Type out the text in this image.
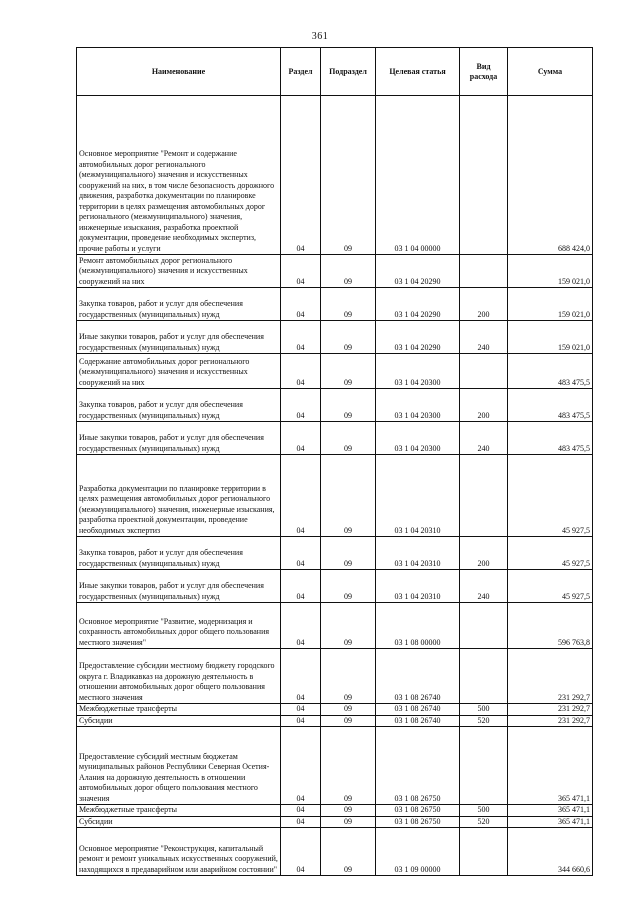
361
Наименование	Раздел	Подраздел	Целевая статья	Вид расхода	Сумма
Основное мероприятие "Ремонт и содержание автомобильных дорог регионального (межмуниципального) значения и искусственных сооружений на них, в том числе безопасность дорожного движения, разработка документации по планировке территории в целях размещения автомобильных дорог регионального (межмуниципального) значения, инженерные изыскания, разработка проектной документации, проведение необходимых экспертиз, прочие работы и услуги	04	09	03 1 04 00000		688 424,0
Ремонт автомобильных дорог регионального (межмуниципального) значения и искусственных сооружений на них	04	09	03 1 04 20290		159 021,0
Закупка товаров, работ и услуг для обеспечения государственных (муниципальных) нужд	04	09	03 1 04 20290	200	159 021,0
Иные закупки товаров, работ и услуг для обеспечения государственных (муниципальных) нужд	04	09	03 1 04 20290	240	159 021,0
Содержание автомобильных дорог регионального (межмуниципального) значения и искусственных сооружений на них	04	09	03 1 04 20300		483 475,5
Закупка товаров, работ и услуг для обеспечения государственных (муниципальных) нужд	04	09	03 1 04 20300	200	483 475,5
Иные закупки товаров, работ и услуг для обеспечения государственных (муниципальных) нужд	04	09	03 1 04 20300	240	483 475,5
Разработка документации по планировке территории в целях размещения автомобильных дорог регионального (межмуниципального) значения, инженерные изыскания, разработка проектной документации, проведение необходимых экспертиз	04	09	03 1 04 20310		45 927,5
Закупка товаров, работ и услуг для обеспечения государственных (муниципальных) нужд	04	09	03 1 04 20310	200	45 927,5
Иные закупки товаров, работ и услуг для обеспечения государственных (муниципальных) нужд	04	09	03 1 04 20310	240	45 927,5
Основное мероприятие "Развитие, модернизация и сохранность автомобильных дорог общего пользования местного значения"	04	09	03 1 08 00000		596 763,8
Предоставление субсидии местному бюджету городского округа г. Владикавказ на дорожную деятельность в отношении автомобильных дорог общего пользования местного значения	04	09	03 1 08 26740		231 292,7
Межбюджетные трансферты	04	09	03 1 08 26740	500	231 292,7
Субсидии	04	09	03 1 08 26740	520	231 292,7
Предоставление субсидий местным бюджетам муниципальных районов Республики Северная Осетия-Алания на дорожную деятельность в отношении автомобильных дорог общего пользования местного значения	04	09	03 1 08 26750		365 471,1
Межбюджетные трансферты	04	09	03 1 08 26750	500	365 471,1
Субсидии	04	09	03 1 08 26750	520	365 471,1
Основное мероприятие "Реконструкция, капитальный ремонт и ремонт уникальных искусственных сооружений, находящихся в предаварийном или аварийном состоянии"	04	09	03 1 09 00000		344 660,6
